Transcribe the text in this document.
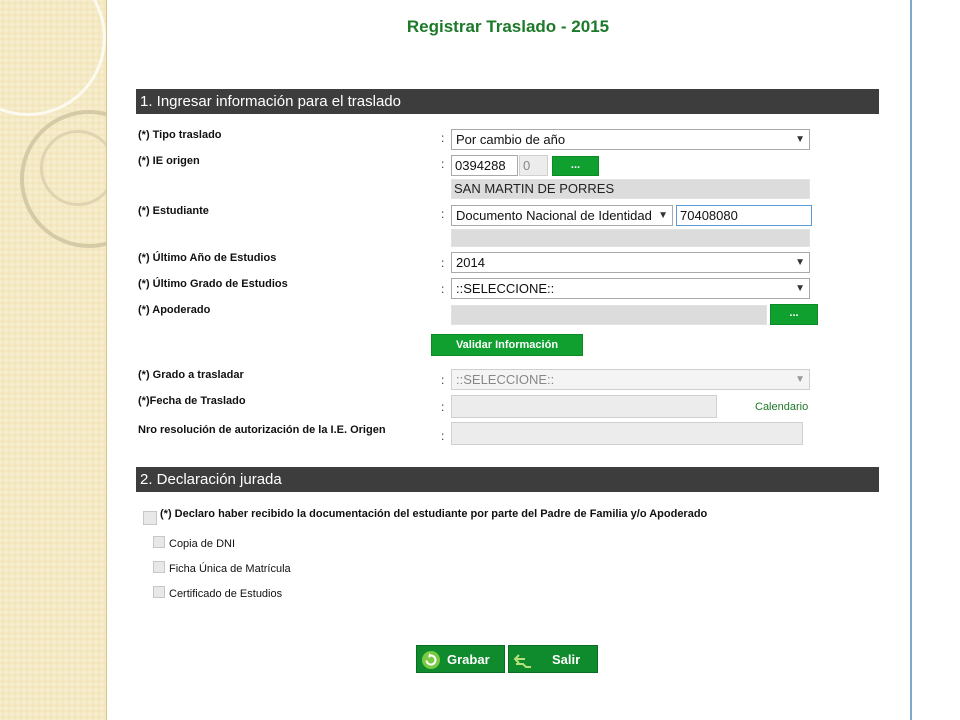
Registrar Traslado - 2015
1. Ingresar información para el traslado
(*) Tipo traslado	: Por cambio de año	▼
(*) IE origen	: 0394288	0	...
SAN MARTIN DE PORRES
(*) Estudiante	: Documento Nacional de Identidad ▼ 70408080
(*) Último Año de Estudios	: 2014	▼
(*) Último Grado de Estudios	: ::SELECCIONE::	▼
(*) Apoderado	...
Validar Información
(*) Grado a trasladar	: ::SELECCIONE::	▼
(*)Fecha de Traslado	:	Calendario
Nro resolución de autorización de la I.E. Origen	:
2. Declaración jurada
(*) Declaro haber recibido la documentación del estudiante por parte del Padre de Familia y/o Apoderado
Copia de DNI
Ficha Única de Matrícula
Certificado de Estudios
Grabar	Salir
